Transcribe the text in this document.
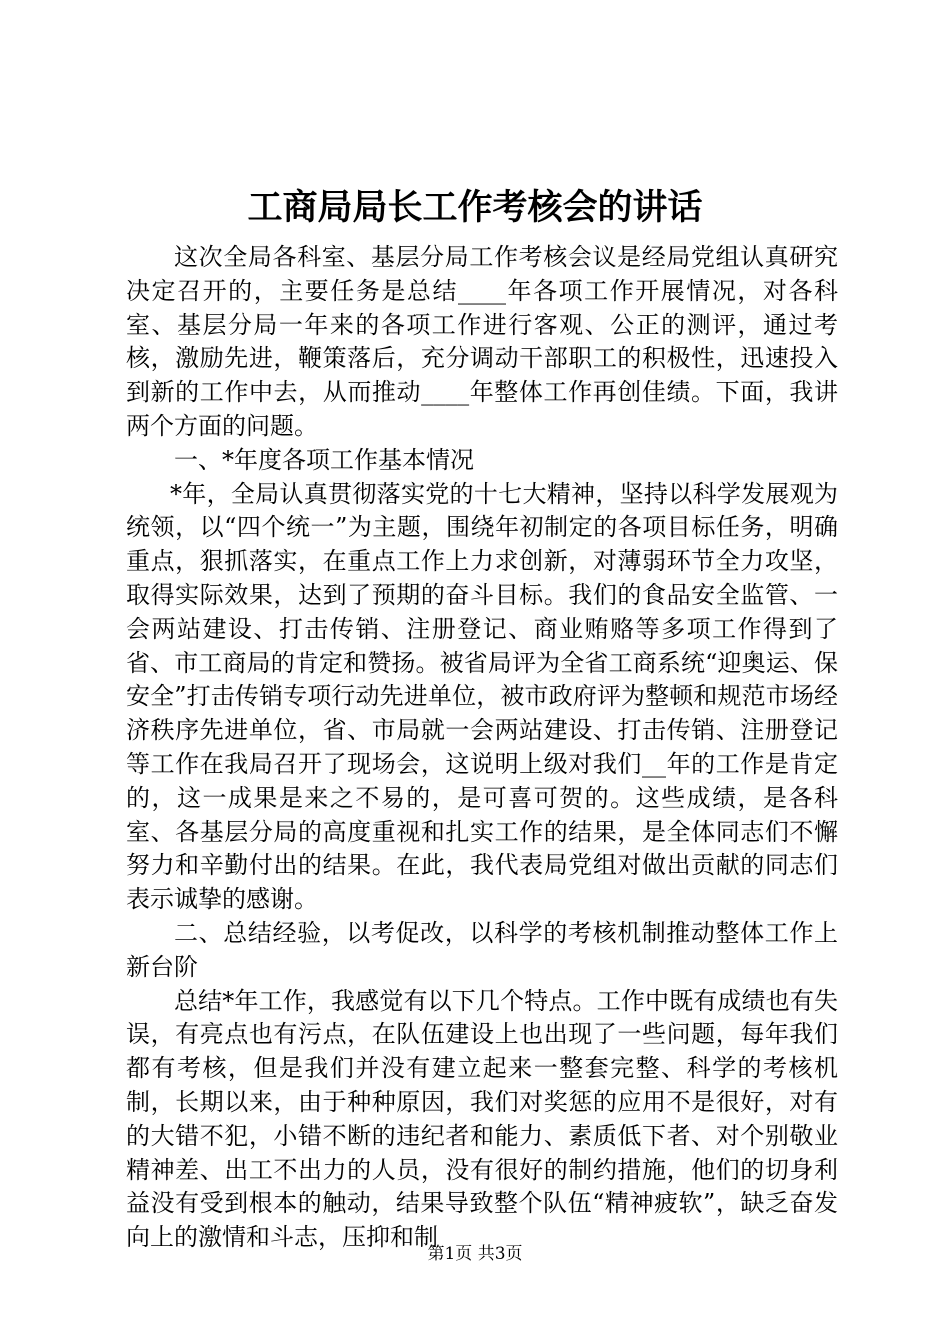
工商局局长工作考核会的讲话

这次全局各科室、基层分局工作考核会议是经局党组认真研究决定召开的，主要任务是总结____年各项工作开展情况，对各科室、基层分局一年来的各项工作进行客观、公正的测评，通过考核，激励先进，鞭策落后，充分调动干部职工的积极性，迅速投入到新的工作中去，从而推动____年整体工作再创佳绩。下面，我讲两个方面的问题。

一、*年度各项工作基本情况

*年，全局认真贯彻落实党的十七大精神，坚持以科学发展观为统领，以“四个统一”为主题，围绕年初制定的各项目标任务，明确重点，狠抓落实，在重点工作上力求创新，对薄弱环节全力攻坚，取得实际效果，达到了预期的奋斗目标。我们的食品安全监管、一会两站建设、打击传销、注册登记、商业贿赂等多项工作得到了省、市工商局的肯定和赞扬。被省局评为全省工商系统“迎奥运、保安全”打击传销专项行动先进单位，被市政府评为整顿和规范市场经济秩序先进单位，省、市局就一会两站建设、打击传销、注册登记等工作在我局召开了现场会，这说明上级对我们__年的工作是肯定的，这一成果是来之不易的，是可喜可贺的。这些成绩，是各科室、各基层分局的高度重视和扎实工作的结果，是全体同志们不懈努力和辛勤付出的结果。在此，我代表局党组对做出贡献的同志们表示诚挚的感谢。

二、总结经验，以考促改，以科学的考核机制推动整体工作上新台阶

总结*年工作，我感觉有以下几个特点。工作中既有成绩也有失误，有亮点也有污点，在队伍建设上也出现了一些问题，每年我们都有考核，但是我们并没有建立起来一整套完整、科学的考核机制，长期以来，由于种种原因，我们对奖惩的应用不是很好，对有的大错不犯，小错不断的违纪者和能力、素质低下者、对个别敬业精神差、出工不出力的人员，没有很好的制约措施，他们的切身利益没有受到根本的触动，结果导致整个队伍“精神疲软”，缺乏奋发向上的激情和斗志，压抑和制

第1页 共3页
